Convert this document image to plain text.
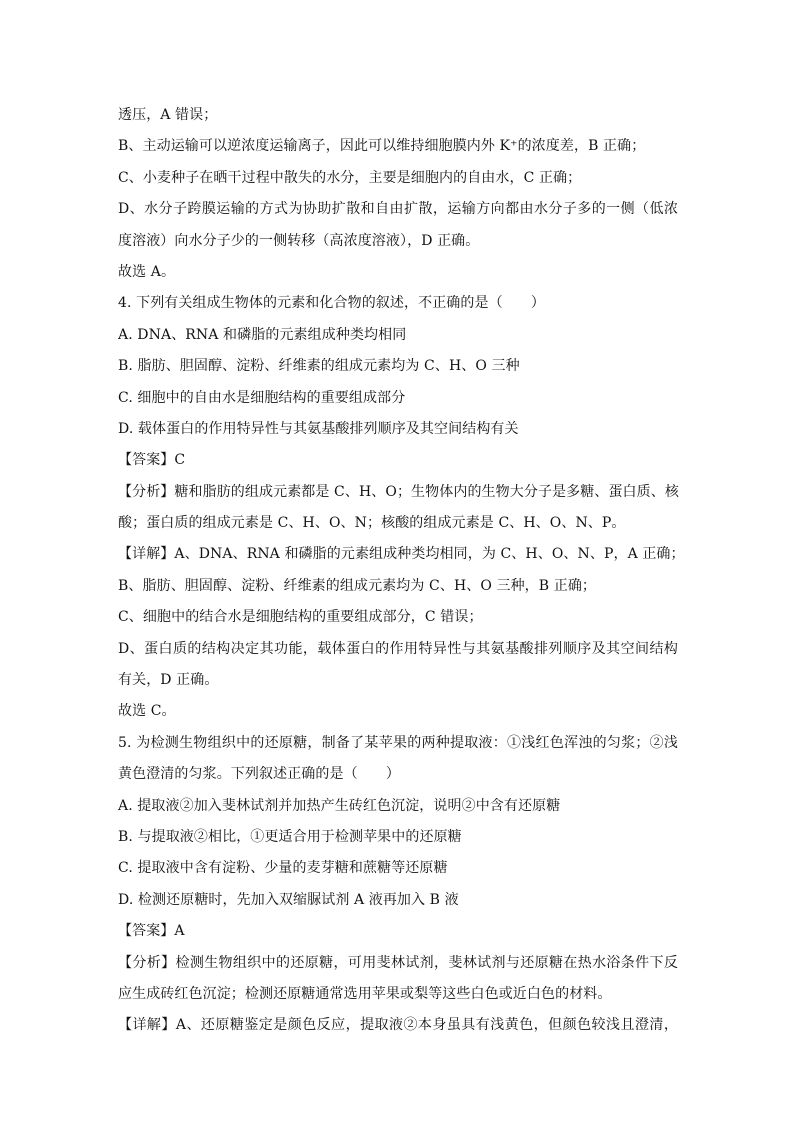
透压，A 错误；
B、主动运输可以逆浓度运输离子，因此可以维持细胞膜内外 K⁺的浓度差，B 正确；
C、小麦种子在晒干过程中散失的水分，主要是细胞内的自由水，C 正确；
D、水分子跨膜运输的方式为协助扩散和自由扩散，运输方向都由水分子多的一侧（低浓
度溶液）向水分子少的一侧转移（高浓度溶液），D 正确。
故选 A。
4. 下列有关组成生物体的元素和化合物的叙述，不正确的是（　　）
A. DNA、RNA 和磷脂的元素组成种类均相同
B. 脂肪、胆固醇、淀粉、纤维素的组成元素均为 C、H、O 三种
C. 细胞中的自由水是细胞结构的重要组成部分
D. 载体蛋白的作用特异性与其氨基酸排列顺序及其空间结构有关
【答案】C
【分析】糖和脂肪的组成元素都是 C、H、O；生物体内的生物大分子是多糖、蛋白质、核
酸；蛋白质的组成元素是 C、H、O、N；核酸的组成元素是 C、H、O、N、P。
【详解】A、DNA、RNA 和磷脂的元素组成种类均相同，为 C、H、O、N、P，A 正确；
B、脂肪、胆固醇、淀粉、纤维素的组成元素均为 C、H、O 三种，B 正确；
C、细胞中的结合水是细胞结构的重要组成部分，C 错误；
D、蛋白质的结构决定其功能，载体蛋白的作用特异性与其氨基酸排列顺序及其空间结构
有关，D 正确。
故选 C。
5. 为检测生物组织中的还原糖，制备了某苹果的两种提取液：①浅红色浑浊的匀浆；②浅
黄色澄清的匀浆。下列叙述正确的是（　　）
A. 提取液②加入斐林试剂并加热产生砖红色沉淀，说明②中含有还原糖
B. 与提取液②相比，①更适合用于检测苹果中的还原糖
C. 提取液中含有淀粉、少量的麦芽糖和蔗糖等还原糖
D. 检测还原糖时，先加入双缩脲试剂 A 液再加入 B 液
【答案】A
【分析】检测生物组织中的还原糖，可用斐林试剂，斐林试剂与还原糖在热水浴条件下反
应生成砖红色沉淀；检测还原糖通常选用苹果或梨等这些白色或近白色的材料。
【详解】A、还原糖鉴定是颜色反应，提取液②本身虽具有浅黄色，但颜色较浅且澄清，
